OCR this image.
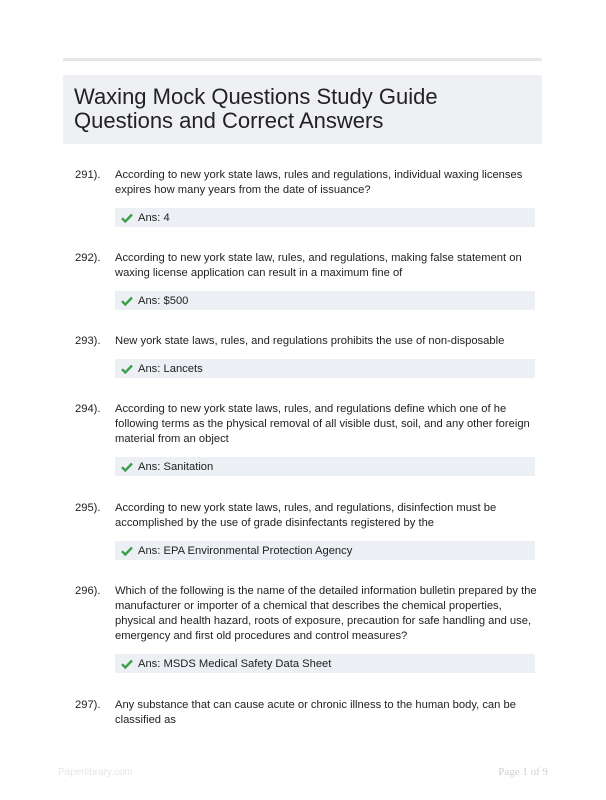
Waxing Mock Questions Study Guide Questions and Correct Answers
291). According to new york state laws, rules and regulations, individual waxing licenses expires how many years from the date of issuance?
Ans: 4
292). According to new york state law, rules, and regulations, making false statement on waxing license application can result in a maximum fine of
Ans: $500
293). New york state laws, rules, and regulations prohibits the use of non-disposable
Ans: Lancets
294). According to new york state laws, rules, and regulations define which one of he following terms as the physical removal of all visible dust, soil, and any other foreign material from an object
Ans: Sanitation
295). According to new york state laws, rules, and regulations, disinfection must be accomplished by the use of grade disinfectants registered by the
Ans: EPA Environmental Protection Agency
296). Which of the following is the name of the detailed information bulletin prepared by the manufacturer or importer of a chemical that describes the chemical properties, physical and health hazard, roots of exposure, precaution for safe handling and use, emergency and first old procedures and control measures?
Ans: MSDS Medical Safety Data Sheet
297). Any substance that can cause acute or chronic illness to the human body, can be classified as
Paperlibrary.com	Page 1 of 9
